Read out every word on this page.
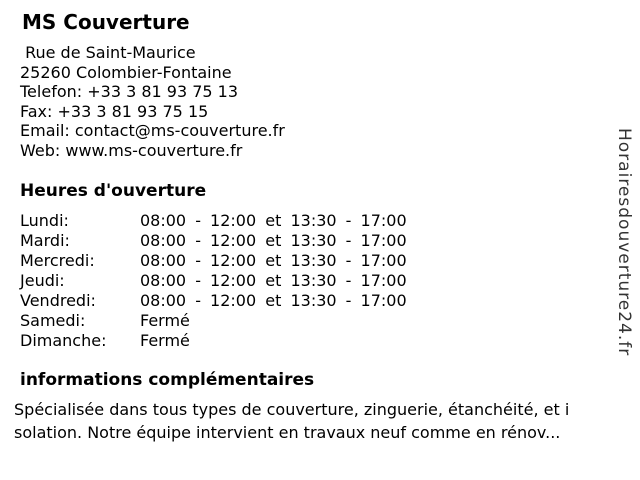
MS Couverture
Rue de Saint-Maurice
25260 Colombier-Fontaine
Telefon: +33 3 81 93 75 13
Fax: +33 3 81 93 75 15
Email: contact@ms-couverture.fr
Web: www.ms-couverture.fr
Heures d'ouverture
Lundi:	08:00 - 12:00 et 13:30 - 17:00
Mardi:	08:00 - 12:00 et 13:30 - 17:00
Mercredi:	08:00 - 12:00 et 13:30 - 17:00
Jeudi:	08:00 - 12:00 et 13:30 - 17:00
Vendredi:	08:00 - 12:00 et 13:30 - 17:00
Samedi:	Fermé
Dimanche:	Fermé
informations complémentaires
Spécialisée dans tous types de couverture, zinguerie, étanchéité, et i
solation. Notre équipe intervient en travaux neuf comme en rénov...
Horairesdouverture24.fr
